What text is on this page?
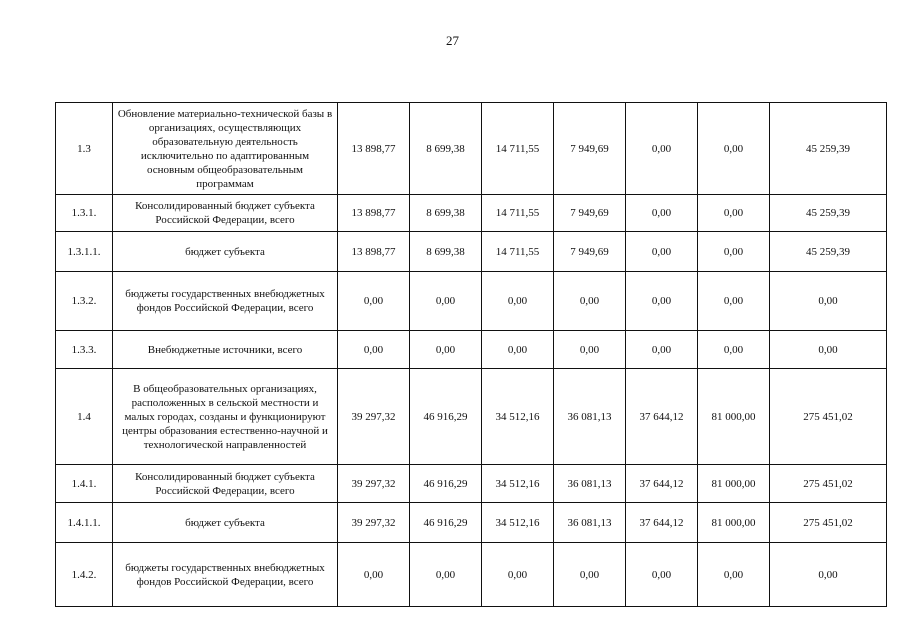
27
1.3	Обновление материально-технической базы в организациях, осуществляющих образовательную деятельность исключительно по адаптированным основным общеобразовательным программам	13 898,77	8 699,38	14 711,55	7 949,69	0,00	0,00	45 259,39
1.3.1.	Консолидированный бюджет субъекта Российской Федерации, всего	13 898,77	8 699,38	14 711,55	7 949,69	0,00	0,00	45 259,39
1.3.1.1.	бюджет субъекта	13 898,77	8 699,38	14 711,55	7 949,69	0,00	0,00	45 259,39
1.3.2.	бюджеты государственных внебюджетных фондов Российской Федерации, всего	0,00	0,00	0,00	0,00	0,00	0,00	0,00
1.3.3.	Внебюджетные источники, всего	0,00	0,00	0,00	0,00	0,00	0,00	0,00
1.4	В общеобразовательных организациях, расположенных в сельской местности и малых городах, созданы и функционируют центры образования естественно-научной и технологической направленностей	39 297,32	46 916,29	34 512,16	36 081,13	37 644,12	81 000,00	275 451,02
1.4.1.	Консолидированный бюджет субъекта Российской Федерации, всего	39 297,32	46 916,29	34 512,16	36 081,13	37 644,12	81 000,00	275 451,02
1.4.1.1.	бюджет субъекта	39 297,32	46 916,29	34 512,16	36 081,13	37 644,12	81 000,00	275 451,02
1.4.2.	бюджеты государственных внебюджетных фондов Российской Федерации, всего	0,00	0,00	0,00	0,00	0,00	0,00	0,00
